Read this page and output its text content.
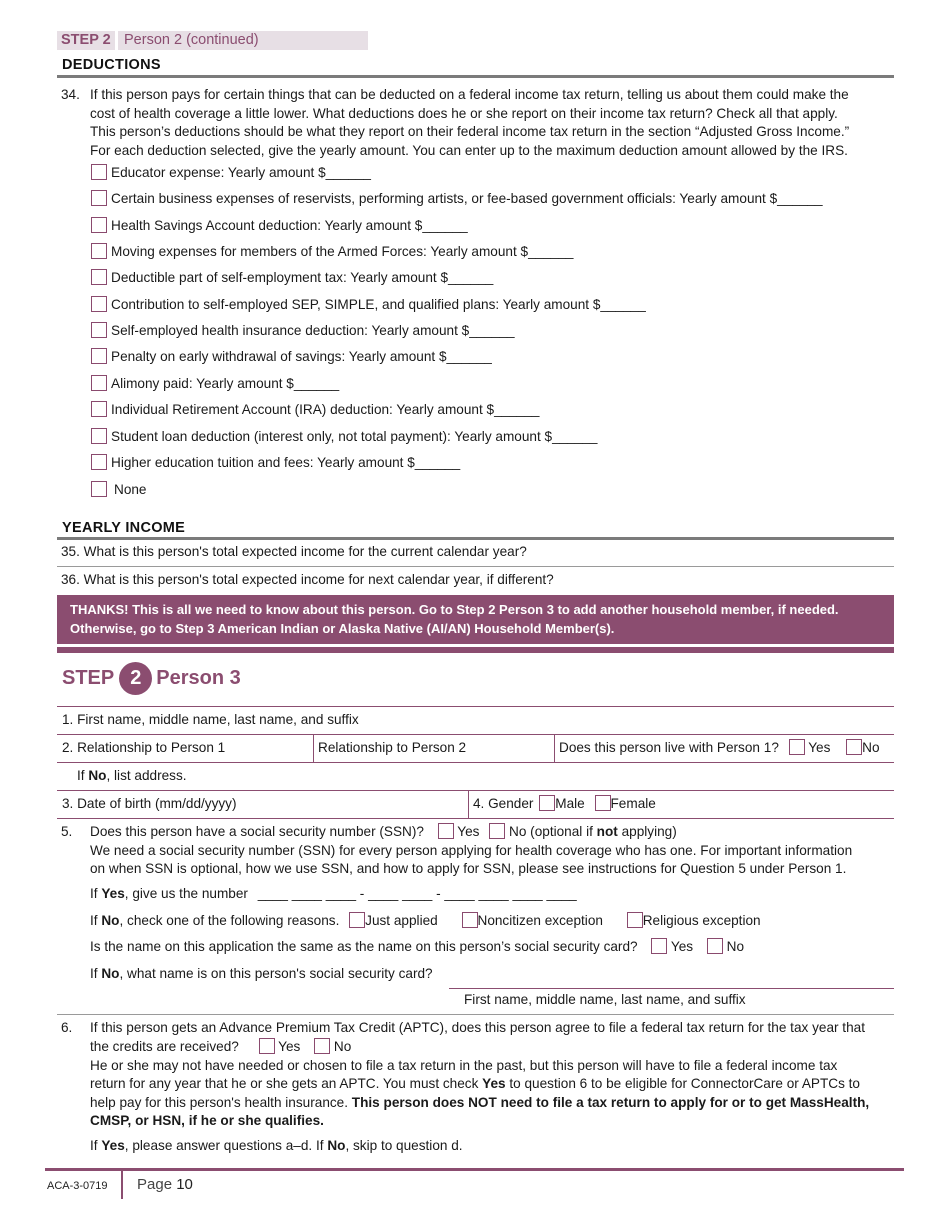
STEP 2 Person 2 (continued)
DEDUCTIONS
34. If this person pays for certain things that can be deducted on a federal income tax return, telling us about them could make the
cost of health coverage a little lower. What deductions does he or she report on their income tax return? Check all that apply.
This person’s deductions should be what they report on their federal income tax return in the section “Adjusted Gross Income.”
For each deduction selected, give the yearly amount. You can enter up to the maximum deduction amount allowed by the IRS.
Educator expense: Yearly amount $______
Certain business expenses of reservists, performing artists, or fee-based government officials: Yearly amount $______
Health Savings Account deduction: Yearly amount $______
Moving expenses for members of the Armed Forces: Yearly amount $______
Deductible part of self-employment tax: Yearly amount $______
Contribution to self-employed SEP, SIMPLE, and qualified plans: Yearly amount $______
Self-employed health insurance deduction: Yearly amount $______
Penalty on early withdrawal of savings: Yearly amount $______
Alimony paid: Yearly amount $______
Individual Retirement Account (IRA) deduction: Yearly amount $______
Student loan deduction (interest only, not total payment): Yearly amount $______
Higher education tuition and fees: Yearly amount $______
None
YEARLY INCOME
35. What is this person's total expected income for the current calendar year?
36. What is this person's total expected income for next calendar year, if different?
THANKS! This is all we need to know about this person. Go to Step 2 Person 3 to add another household member, if needed.
Otherwise, go to Step 3 American Indian or Alaska Native (AI/AN) Household Member(s).
STEP 2 Person 3
1. First name, middle name, last name, and suffix
2. Relationship to Person 1	Relationship to Person 2	Does this person live with Person 1? Yes No
If No, list address.
3. Date of birth (mm/dd/yyyy)	4. Gender Male Female
5. Does this person have a social security number (SSN)? Yes No (optional if not applying)
We need a social security number (SSN) for every person applying for health coverage who has one. For important information
on when SSN is optional, how we use SSN, and how to apply for SSN, please see instructions for Question 5 under Person 1.
If Yes, give us the number ____ ____ ____ - ____ ____ - ____ ____ ____ ____
If No, check one of the following reasons. Just applied	Noncitizen exception	Religious exception
Is the name on this application the same as the name on this person’s social security card? Yes No
If No, what name is on this person's social security card?
First name, middle name, last name, and suffix
6. If this person gets an Advance Premium Tax Credit (APTC), does this person agree to file a federal tax return for the tax year that
the credits are received?	Yes No
He or she may not have needed or chosen to file a tax return in the past, but this person will have to file a federal income tax
return for any year that he or she gets an APTC. You must check Yes to question 6 to be eligible for ConnectorCare or APTCs to
help pay for this person's health insurance. This person does NOT need to file a tax return to apply for or to get MassHealth,
CMSP, or HSN, if he or she qualifies.
If Yes, please answer questions a–d. If No, skip to question d.
ACA-3-0719 Page 10
